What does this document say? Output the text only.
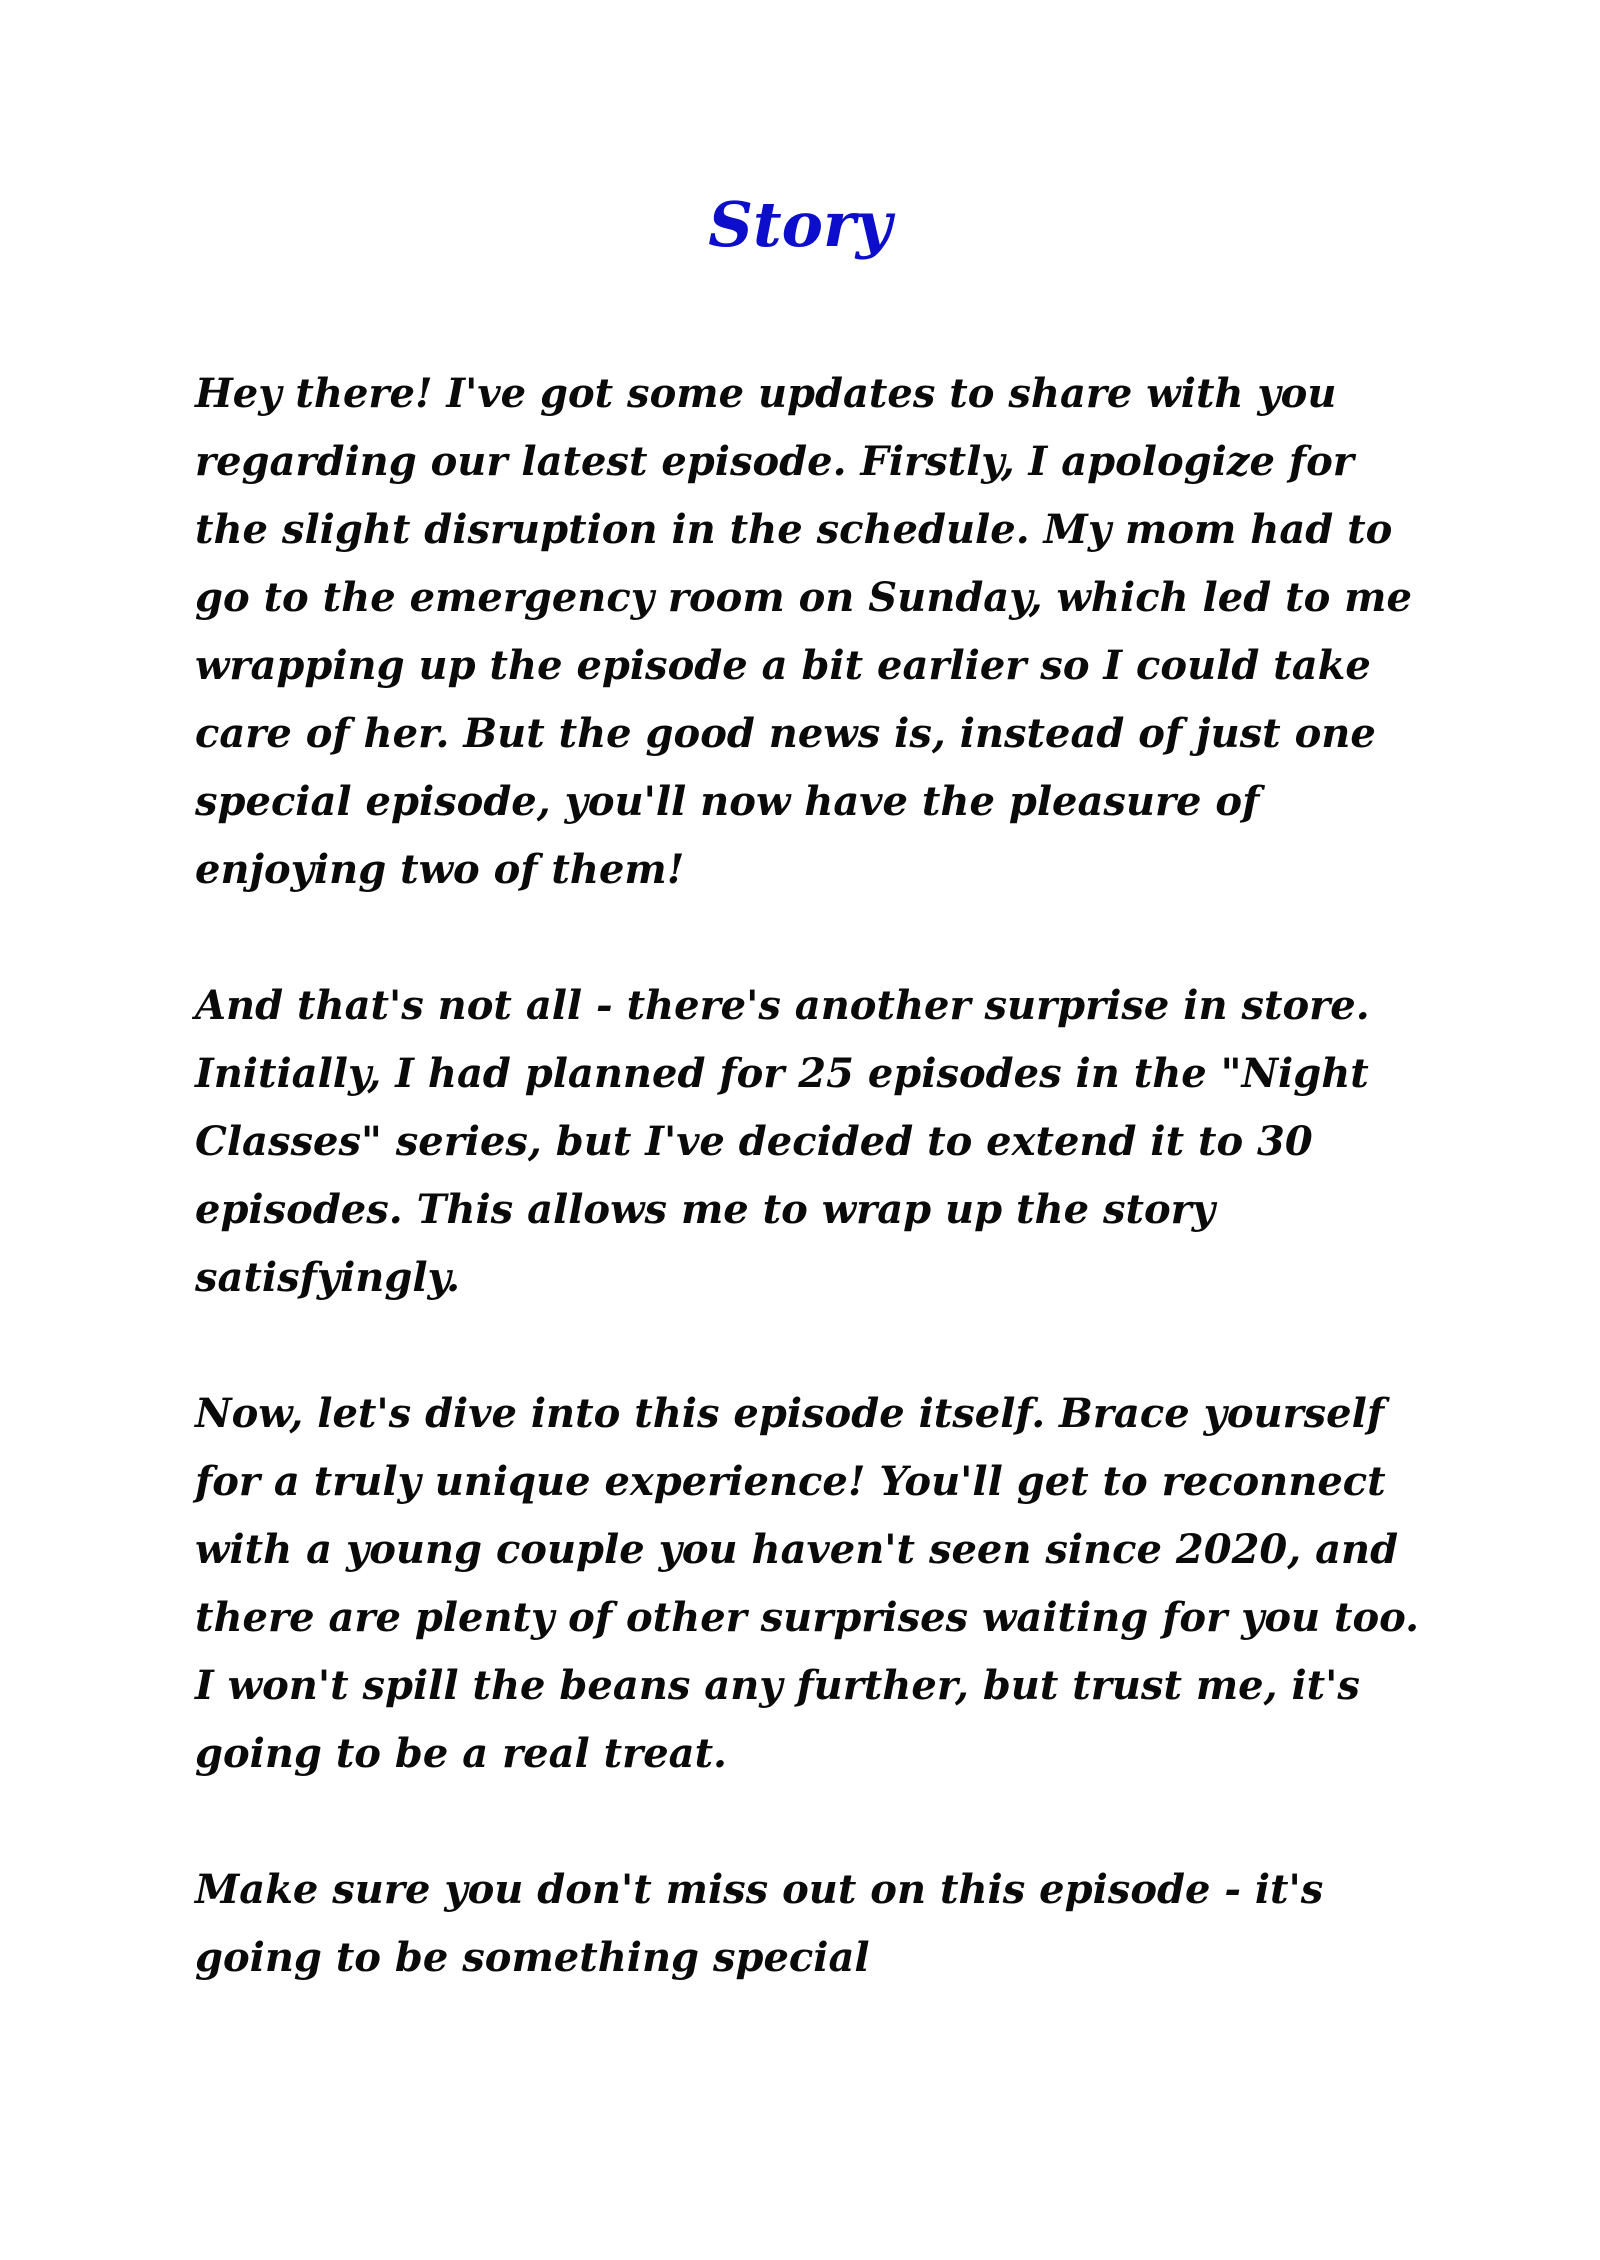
Story

Hey there! I've got some updates to share with you regarding our latest episode. Firstly, I apologize for the slight disruption in the schedule. My mom had to go to the emergency room on Sunday, which led to me wrapping up the episode a bit earlier so I could take care of her. But the good news is, instead of just one special episode, you'll now have the pleasure of enjoying two of them!

And that's not all - there's another surprise in store. Initially, I had planned for 25 episodes in the "Night Classes" series, but I've decided to extend it to 30 episodes. This allows me to wrap up the story satisfyingly.

Now, let's dive into this episode itself. Brace yourself for a truly unique experience! You'll get to reconnect with a young couple you haven't seen since 2020, and there are plenty of other surprises waiting for you too. I won't spill the beans any further, but trust me, it's going to be a real treat.

Make sure you don't miss out on this episode - it's going to be something special
